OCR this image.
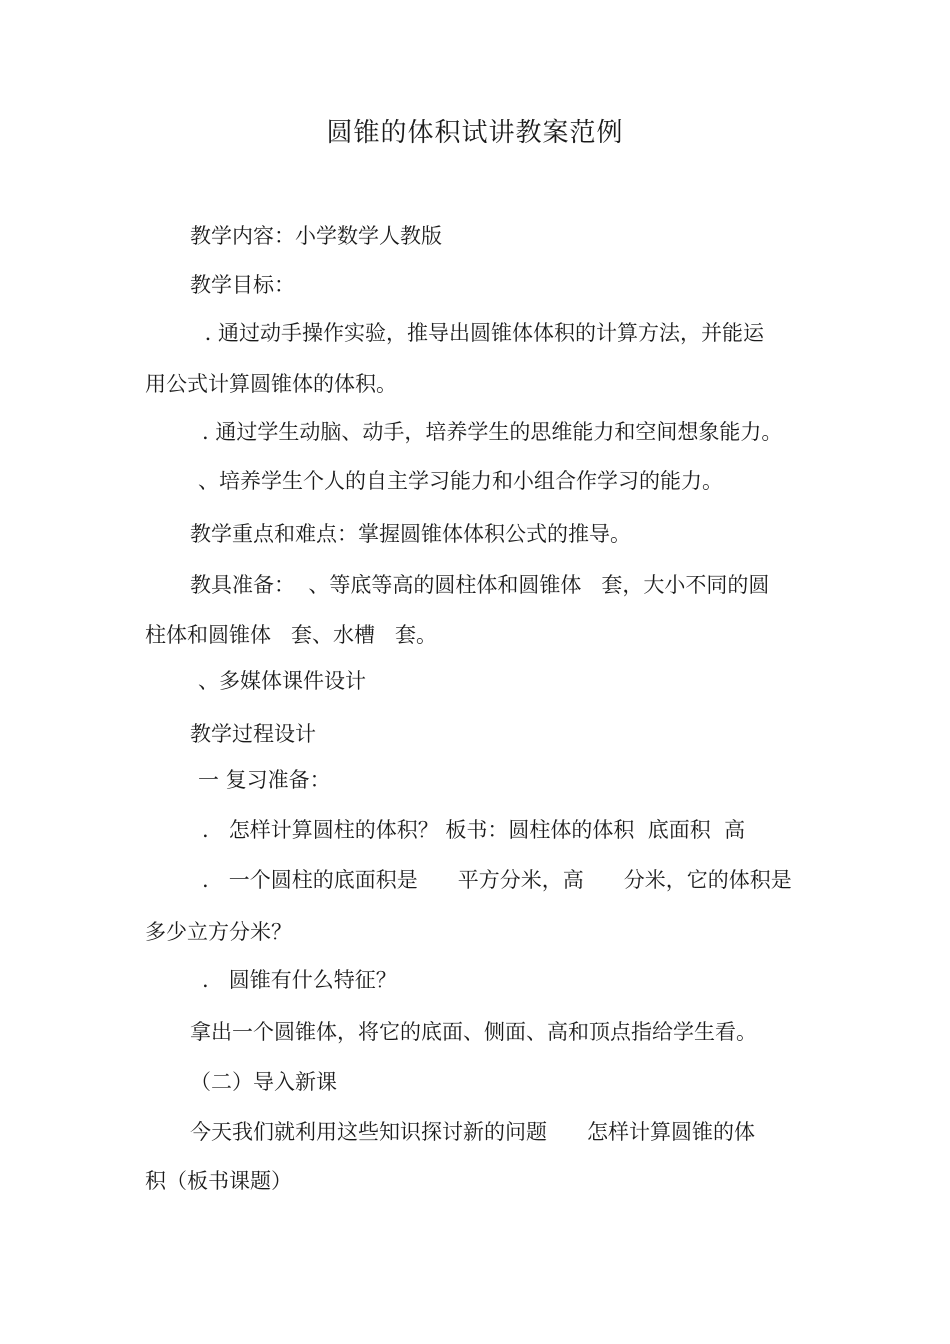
圆锥的体积试讲教案范例
教学内容：小学数学人教版
教学目标：
. 通过动手操作实验，推导出圆锥体体积的计算方法，并能运
用公式计算圆锥体的体积。
. 通过学生动脑、动手，培养学生的思维能力和空间想象能力。
、培养学生个人的自主学习能力和小组合作学习的能力。
教学重点和难点：掌握圆锥体体积公式的推导。
教具准备：  、等底等高的圆柱体和圆锥体   套，大小不同的圆
柱体和圆锥体   套、水槽   套。
、多媒体课件设计
教学过程设计
一 复习准备：
.   怎样计算圆柱的体积？ 板书：圆柱体的体积  底面积  高
.   一个圆柱的底面积是      平方分米，高      分米，它的体积是
多少立方分米？
.   圆锥有什么特征？
拿出一个圆锥体，将它的底面、侧面、高和顶点指给学生看。
（二）导入新课
今天我们就利用这些知识探讨新的问题      怎样计算圆锥的体
积（板书课题）
